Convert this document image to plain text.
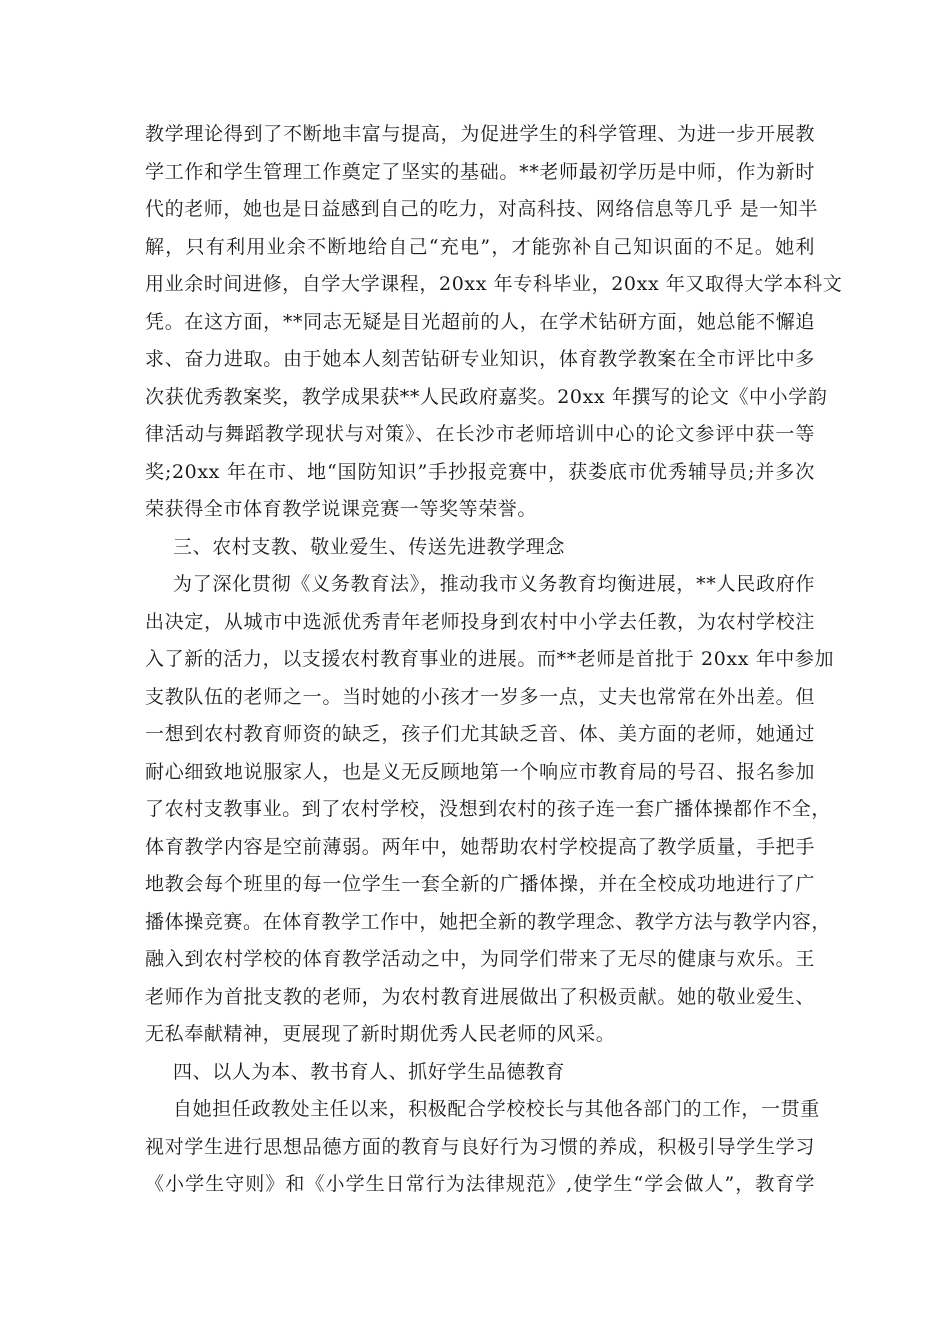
教学理论得到了不断地丰富与提高，为促进学生的科学管理、为进一步开展教
学工作和学生管理工作奠定了坚实的基础。**老师最初学历是中师，作为新时
代的老师，她也是日益感到自己的吃力，对高科技、网络信息等几乎 是一知半
解，只有利用业余不断地给自己“充电”，才能弥补自己知识面的不足。她利
用业余时间进修，自学大学课程，20xx 年专科毕业，20xx 年又取得大学本科文
凭。在这方面，**同志无疑是目光超前的人，在学术钻研方面，她总能不懈追
求、奋力进取。由于她本人刻苦钻研专业知识，体育教学教案在全市评比中多
次获优秀教案奖，教学成果获**人民政府嘉奖。20xx 年撰写的论文《中小学韵
律活动与舞蹈教学现状与对策》、在长沙市老师培训中心的论文参评中获一等
奖;20xx 年在市、地“国防知识”手抄报竞赛中，获娄底市优秀辅导员;并多次
荣获得全市体育教学说课竞赛一等奖等荣誉。
三、农村支教、敬业爱生、传送先进教学理念
为了深化贯彻《义务教育法》，推动我市义务教育均衡进展，**人民政府作
出决定，从城市中选派优秀青年老师投身到农村中小学去任教，为农村学校注
入了新的活力，以支援农村教育事业的进展。而**老师是首批于 20xx 年中参加
支教队伍的老师之一。当时她的小孩才一岁多一点，丈夫也常常在外出差。但
一想到农村教育师资的缺乏，孩子们尤其缺乏音、体、美方面的老师，她通过
耐心细致地说服家人，也是义无反顾地第一个响应市教育局的号召、报名参加
了农村支教事业。到了农村学校，没想到农村的孩子连一套广播体操都作不全，
体育教学内容是空前薄弱。两年中，她帮助农村学校提高了教学质量，手把手
地教会每个班里的每一位学生一套全新的广播体操，并在全校成功地进行了广
播体操竞赛。在体育教学工作中，她把全新的教学理念、教学方法与教学内容，
融入到农村学校的体育教学活动之中，为同学们带来了无尽的健康与欢乐。王
老师作为首批支教的老师，为农村教育进展做出了积极贡献。她的敬业爱生、
无私奉献精神，更展现了新时期优秀人民老师的风采。
四、以人为本、教书育人、抓好学生品德教育
自她担任政教处主任以来，积极配合学校校长与其他各部门的工作，一贯重
视对学生进行思想品德方面的教育与良好行为习惯的养成，积极引导学生学习
《小学生守则》和《小学生日常行为法律规范》,使学生“学会做人”，教育学
